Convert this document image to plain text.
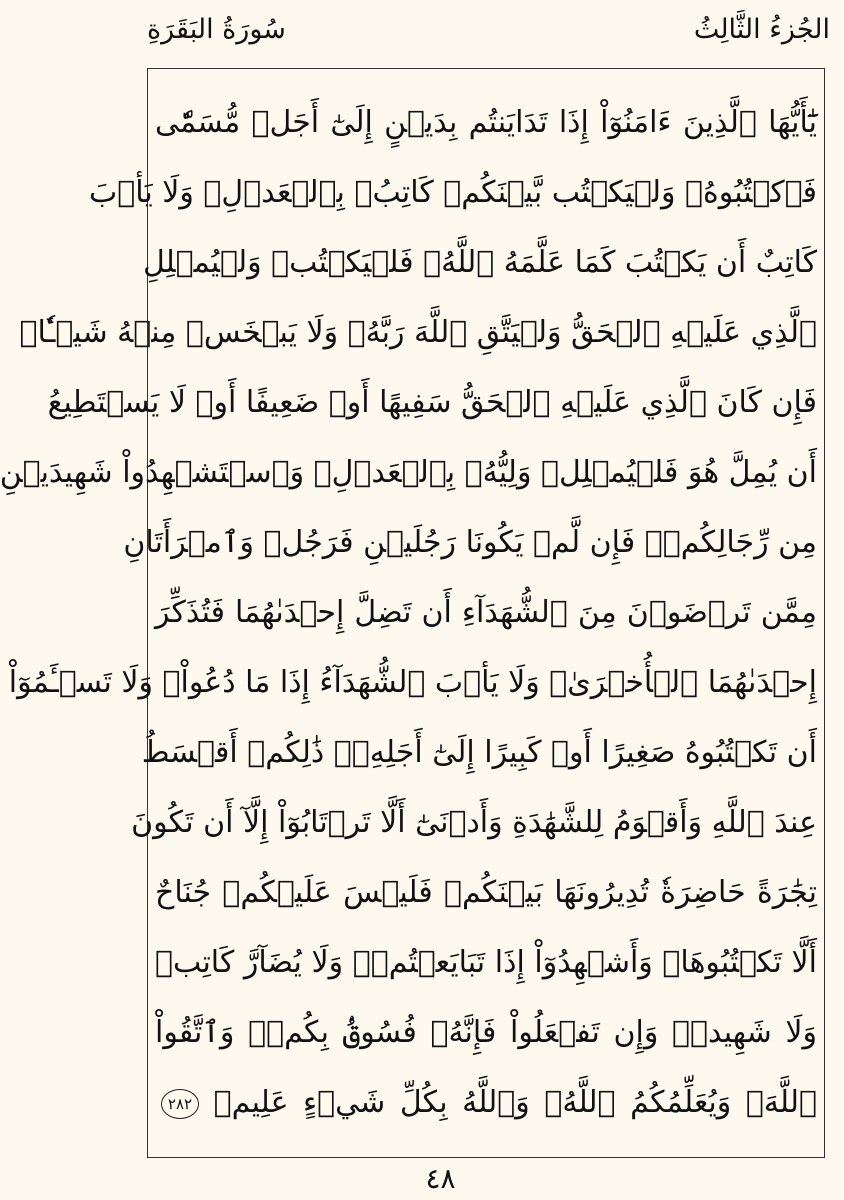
الجُزءُ الثَّالِثُ
سُورَةُ البَقَرَةِ
يَٰٓأَيُّهَا ٱلَّذِينَ ءَامَنُوٓاْ إِذَا تَدَايَنتُم بِدَيۡنٍ إِلَىٰٓ أَجَلٖ مُّسَمّٗى
فَٱكۡتُبُوهُۚ وَلۡيَكۡتُب بَّيۡنَكُمۡ كَاتِبُۢ بِٱلۡعَدۡلِۚ وَلَا يَأۡبَ
كَاتِبٌ أَن يَكۡتُبَ كَمَا عَلَّمَهُ ٱللَّهُۚ فَلۡيَكۡتُبۡ وَلۡيُمۡلِلِ
ٱلَّذِي عَلَيۡهِ ٱلۡحَقُّ وَلۡيَتَّقِ ٱللَّهَ رَبَّهُۥ وَلَا يَبۡخَسۡ مِنۡهُ شَيۡـٔٗاۚ
فَإِن كَانَ ٱلَّذِي عَلَيۡهِ ٱلۡحَقُّ سَفِيهًا أَوۡ ضَعِيفًا أَوۡ لَا يَسۡتَطِيعُ
أَن يُمِلَّ هُوَ فَلۡيُمۡلِلۡ وَلِيُّهُۥ بِٱلۡعَدۡلِۚ وَٱسۡتَشۡهِدُواْ شَهِيدَيۡنِ
مِن رِّجَالِكُمۡۖ فَإِن لَّمۡ يَكُونَا رَجُلَيۡنِ فَرَجُلٞ وَٱمۡرَأَتَانِ
مِمَّن تَرۡضَوۡنَ مِنَ ٱلشُّهَدَآءِ أَن تَضِلَّ إِحۡدَىٰهُمَا فَتُذَكِّرَ
إِحۡدَىٰهُمَا ٱلۡأُخۡرَىٰۚ وَلَا يَأۡبَ ٱلشُّهَدَآءُ إِذَا مَا دُعُواْۚ وَلَا تَسۡـَٔمُوٓاْ
أَن تَكۡتُبُوهُ صَغِيرًا أَوۡ كَبِيرًا إِلَىٰٓ أَجَلِهِۦۚ ذَٰلِكُمۡ أَقۡسَطُ
عِندَ ٱللَّهِ وَأَقۡوَمُ لِلشَّهَٰدَةِ وَأَدۡنَىٰٓ أَلَّا تَرۡتَابُوٓاْ إِلَّآ أَن تَكُونَ
تِجَٰرَةً حَاضِرَةٗ تُدِيرُونَهَا بَيۡنَكُمۡ فَلَيۡسَ عَلَيۡكُمۡ جُنَاحٌ
أَلَّا تَكۡتُبُوهَاۗ وَأَشۡهِدُوٓاْ إِذَا تَبَايَعۡتُمۡۚ وَلَا يُضَآرَّ كَاتِبٞ
وَلَا شَهِيدٞۚ وَإِن تَفۡعَلُواْ فَإِنَّهُۥ فُسُوقُۢ بِكُمۡۗ وَٱتَّقُواْ
ٱللَّهَۖ وَيُعَلِّمُكُمُ ٱللَّهُۗ وَٱللَّهُ بِكُلِّ شَيۡءٍ عَلِيمٞ ٢٨٢
٤٨
